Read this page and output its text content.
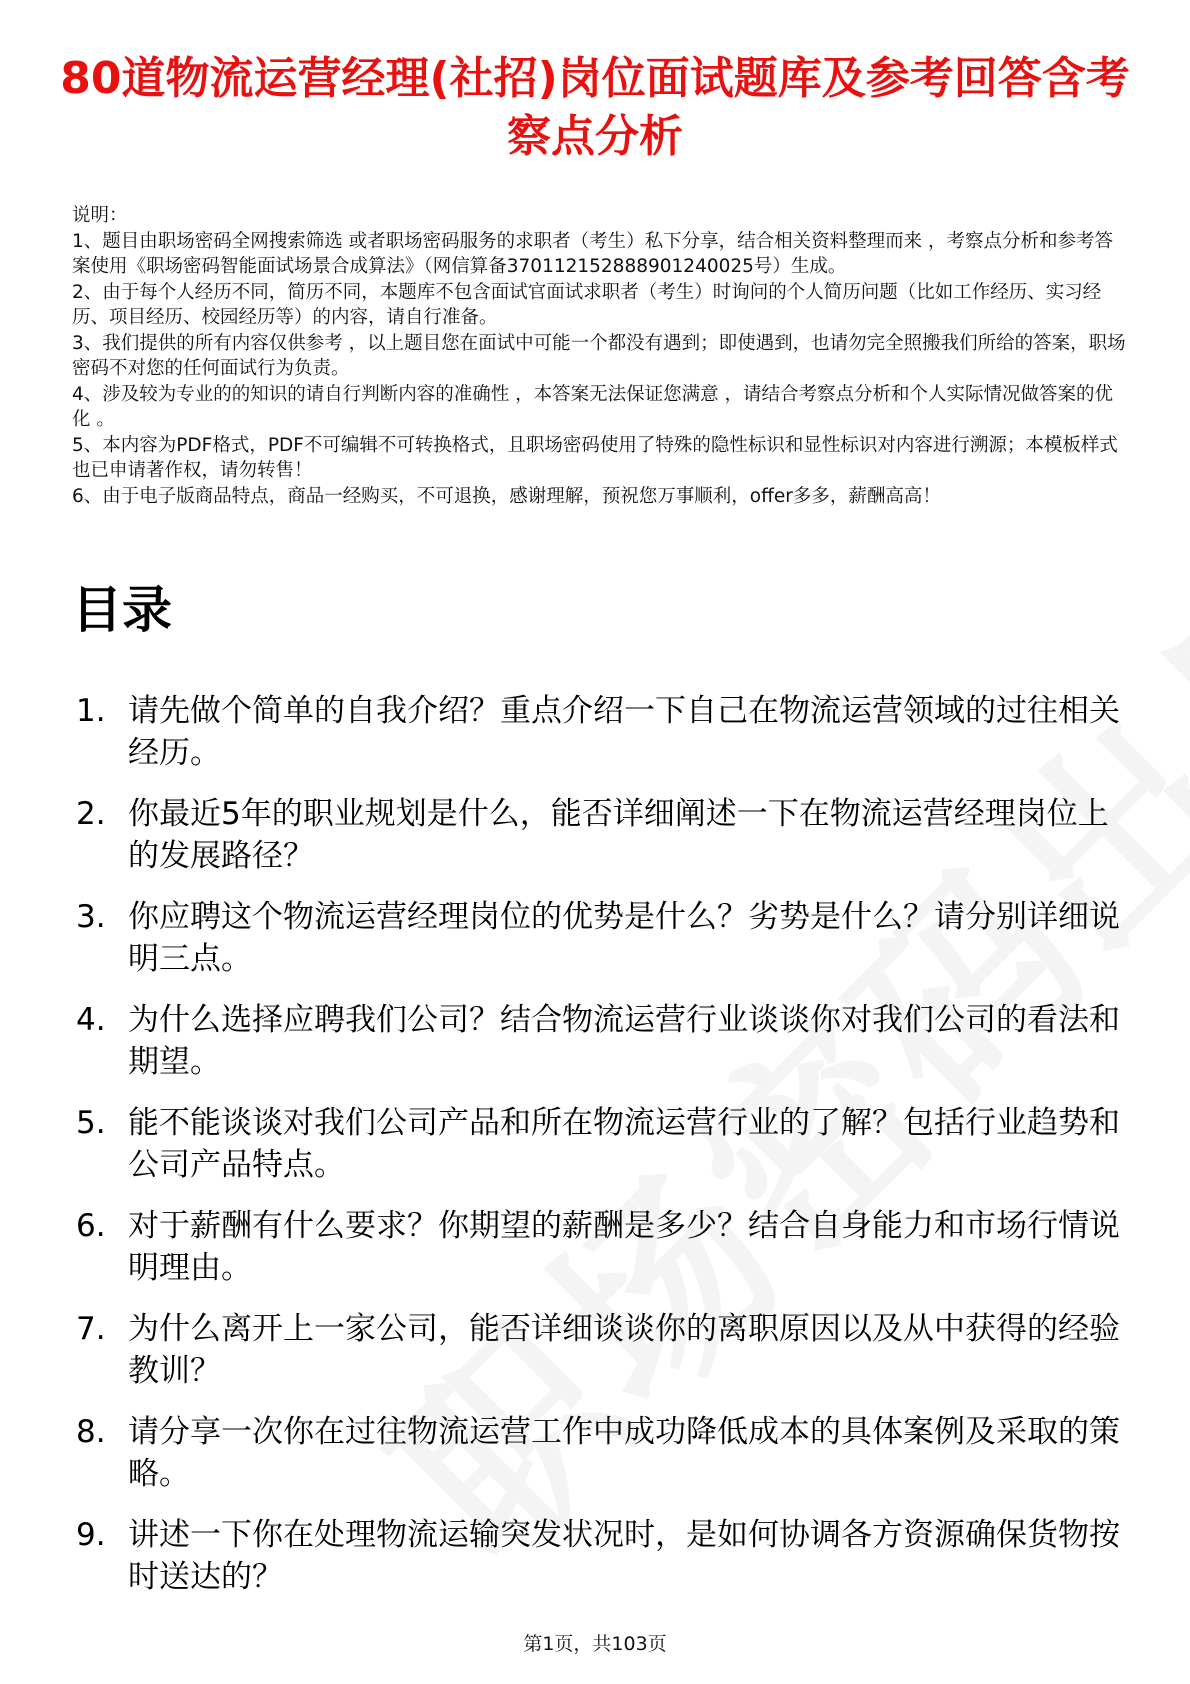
80道物流运营经理(社招)岗位面试题库及参考回答含考察点分析
说明：
1、题目由职场密码全网搜索筛选 或者职场密码服务的求职者（考生）私下分享，结合相关资料整理而来 ，考察点分析和参考答案使用《职场密码智能面试场景合成算法》（网信算备370112152888901240025号）生成。
2、由于每个人经历不同，简历不同，本题库不包含面试官面试求职者（考生）时询问的个人简历问题（比如工作经历、实习经历、项目经历、校园经历等）的内容，请自行准备。
3、我们提供的所有内容仅供参考 ，以上题目您在面试中可能一个都没有遇到；即使遇到，也请勿完全照搬我们所给的答案，职场密码不对您的任何面试行为负责。
4、涉及较为专业的的知识的请自行判断内容的准确性 ，本答案无法保证您满意 ，请结合考察点分析和个人实际情况做答案的优化 。
5、本内容为PDF格式，PDF不可编辑不可转换格式，且职场密码使用了特殊的隐性标识和显性标识对内容进行溯源；本模板样式也已申请著作权，请勿转售！
6、由于电子版商品特点，商品一经购买，不可退换，感谢理解，预祝您万事顺利，offer多多，薪酬高高！
目录
1. 请先做个简单的自我介绍？重点介绍一下自己在物流运营领域的过往相关经历。
2. 你最近5年的职业规划是什么，能否详细阐述一下在物流运营经理岗位上的发展路径？
3. 你应聘这个物流运营经理岗位的优势是什么？劣势是什么？请分别详细说明三点。
4. 为什么选择应聘我们公司？结合物流运营行业谈谈你对我们公司的看法和期望。
5. 能不能谈谈对我们公司产品和所在物流运营行业的了解？包括行业趋势和公司产品特点。
6. 对于薪酬有什么要求？你期望的薪酬是多少？结合自身能力和市场行情说明理由。
7. 为什么离开上一家公司，能否详细谈谈你的离职原因以及从中获得的经验教训？
8. 请分享一次你在过往物流运营工作中成功降低成本的具体案例及采取的策略。
9. 讲述一下你在处理物流运输突发状况时，是如何协调各方资源确保货物按时送达的？
第1页，共103页
